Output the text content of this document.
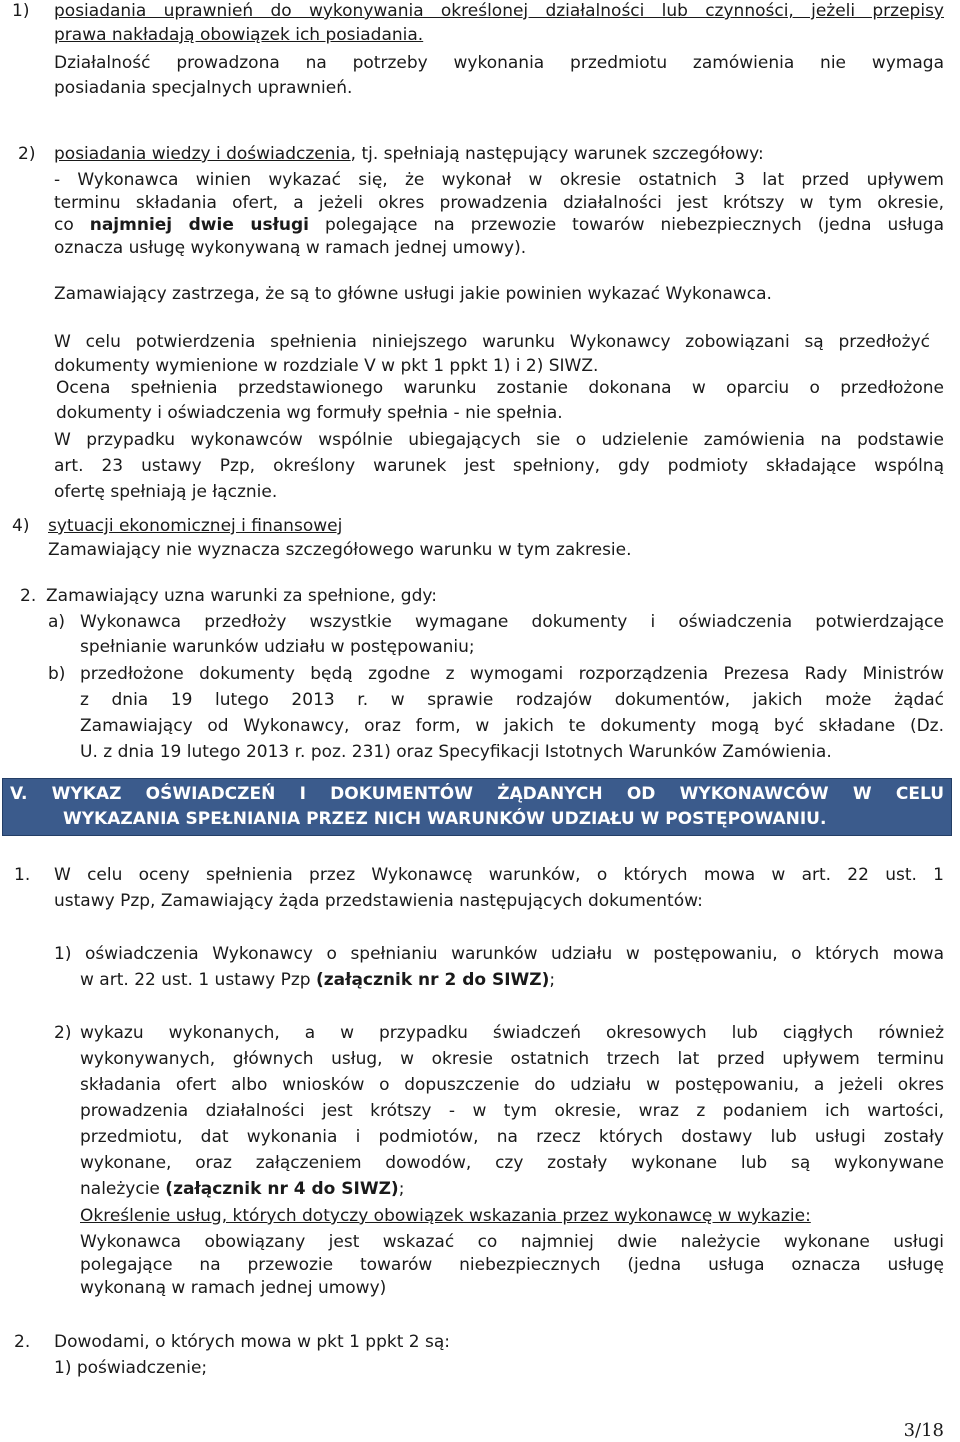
1) posiadania uprawnień do wykonywania określonej działalności lub czynności, jeżeli przepisy
prawa nakładają obowiązek ich posiadania.
Działalność prowadzona na potrzeby wykonania przedmiotu zamówienia nie wymaga
posiadania specjalnych uprawnień.
2) posiadania wiedzy i doświadczenia, tj. spełniają następujący warunek szczegółowy:
- Wykonawca winien wykazać się, że wykonał w okresie ostatnich 3 lat przed upływem
terminu składania ofert, a jeżeli okres prowadzenia działalności jest krótszy w tym okresie,
co najmniej dwie usługi polegające na przewozie towarów niebezpiecznych (jedna usługa
oznacza usługę wykonywaną w ramach jednej umowy).
Zamawiający zastrzega, że są to główne usługi jakie powinien wykazać Wykonawca.
W celu potwierdzenia spełnienia niniejszego warunku Wykonawcy zobowiązani są przedłożyć
dokumenty wymienione w rozdziale V w pkt 1 ppkt 1) i 2) SIWZ.
Ocena spełnienia przedstawionego warunku zostanie dokonana w oparciu o przedłożone
dokumenty i oświadczenia wg formuły spełnia - nie spełnia.
W przypadku wykonawców wspólnie ubiegających sie o udzielenie zamówienia na podstawie
art. 23 ustawy Pzp, określony warunek jest spełniony, gdy podmioty składające wspólną
ofertę spełniają je łącznie.
4) sytuacji ekonomicznej i finansowej
Zamawiający nie wyznacza szczegółowego warunku w tym zakresie.
2. Zamawiający uzna warunki za spełnione, gdy:
a) Wykonawca przedłoży wszystkie wymagane dokumenty i oświadczenia potwierdzające
spełnianie warunków udziału w postępowaniu;
b) przedłożone dokumenty będą zgodne z wymogami rozporządzenia Prezesa Rady Ministrów
z dnia 19 lutego 2013 r. w sprawie rodzajów dokumentów, jakich może żądać
Zamawiający od Wykonawcy, oraz form, w jakich te dokumenty mogą być składane (Dz.
U. z dnia 19 lutego 2013 r. poz. 231) oraz Specyfikacji Istotnych Warunków Zamówienia.
V. WYKAZ OŚWIADCZEŃ I DOKUMENTÓW ŻĄDANYCH OD WYKONAWCÓW W CELU
WYKAZANIA SPEŁNIANIA PRZEZ NICH WARUNKÓW UDZIAŁU W POSTĘPOWANIU.
1. W celu oceny spełnienia przez Wykonawcę warunków, o których mowa w art. 22 ust. 1
ustawy Pzp, Zamawiający żąda przedstawienia następujących dokumentów:
1) oświadczenia Wykonawcy o spełnianiu warunków udziału w postępowaniu, o których mowa
w art. 22 ust. 1 ustawy Pzp (załącznik nr 2 do SIWZ);
2) wykazu wykonanych, a w przypadku świadczeń okresowych lub ciągłych również
wykonywanych, głównych usług, w okresie ostatnich trzech lat przed upływem terminu
składania ofert albo wniosków o dopuszczenie do udziału w postępowaniu, a jeżeli okres
prowadzenia działalności jest krótszy - w tym okresie, wraz z podaniem ich wartości,
przedmiotu, dat wykonania i podmiotów, na rzecz których dostawy lub usługi zostały
wykonane, oraz załączeniem dowodów, czy zostały wykonane lub są wykonywane
należycie (załącznik nr 4 do SIWZ);
Określenie usług, których dotyczy obowiązek wskazania przez wykonawcę w wykazie:
Wykonawca obowiązany jest wskazać co najmniej dwie należycie wykonane usługi
polegające na przewozie towarów niebezpiecznych (jedna usługa oznacza usługę
wykonaną w ramach jednej umowy)
2. Dowodami, o których mowa w pkt 1 ppkt 2 są:
1) poświadczenie;
3/18
